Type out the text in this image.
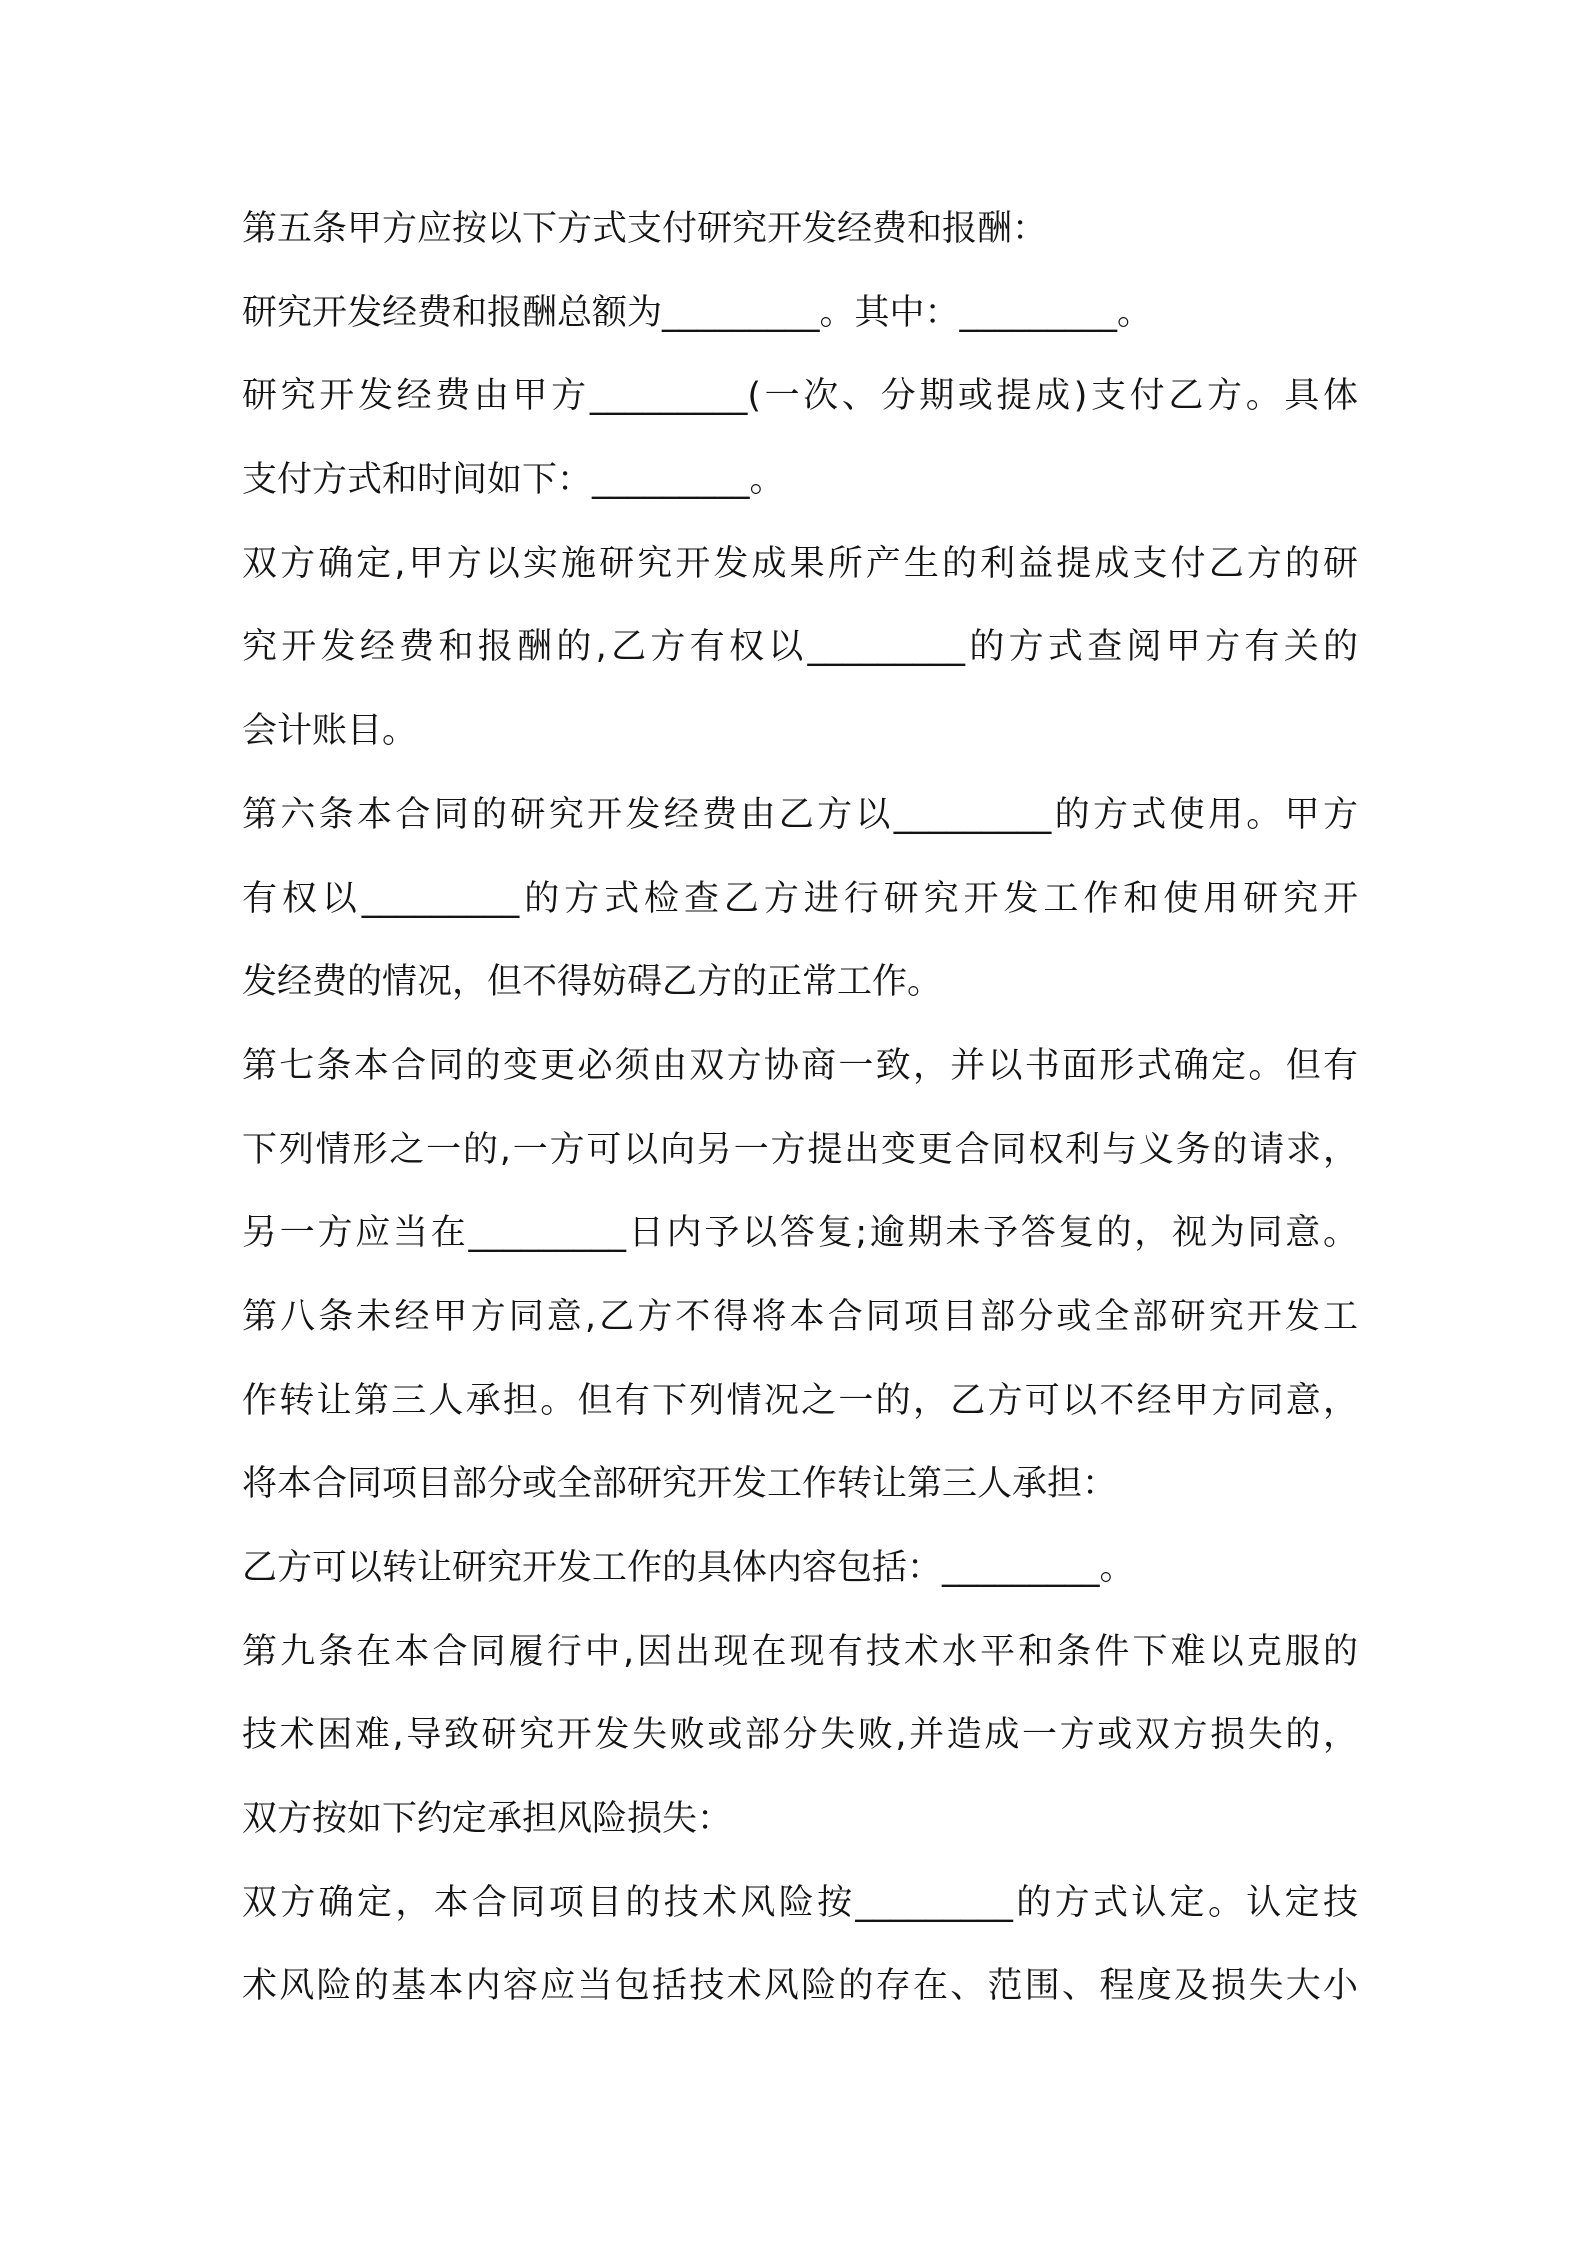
第五条甲方应按以下方式支付研究开发经费和报酬：
研究开发经费和报酬总额为_________。其中：_________。
研究开发经费由甲方_________(一次、分期或提成)支付乙方。具体
支付方式和时间如下：_________。
双方确定,甲方以实施研究开发成果所产生的利益提成支付乙方的研
究开发经费和报酬的,乙方有权以_________的方式查阅甲方有关的
会计账目。
第六条本合同的研究开发经费由乙方以_________的方式使用。甲方
有权以_________的方式检查乙方进行研究开发工作和使用研究开
发经费的情况，但不得妨碍乙方的正常工作。
第七条本合同的变更必须由双方协商一致，并以书面形式确定。但有
下列情形之一的,一方可以向另一方提出变更合同权利与义务的请求，
另一方应当在_________日内予以答复;逾期未予答复的，视为同意。
第八条未经甲方同意,乙方不得将本合同项目部分或全部研究开发工
作转让第三人承担。但有下列情况之一的，乙方可以不经甲方同意，
将本合同项目部分或全部研究开发工作转让第三人承担：
乙方可以转让研究开发工作的具体内容包括：_________。
第九条在本合同履行中,因出现在现有技术水平和条件下难以克服的
技术困难,导致研究开发失败或部分失败,并造成一方或双方损失的，
双方按如下约定承担风险损失：
双方确定，本合同项目的技术风险按_________的方式认定。认定技
术风险的基本内容应当包括技术风险的存在、范围、程度及损失大小
